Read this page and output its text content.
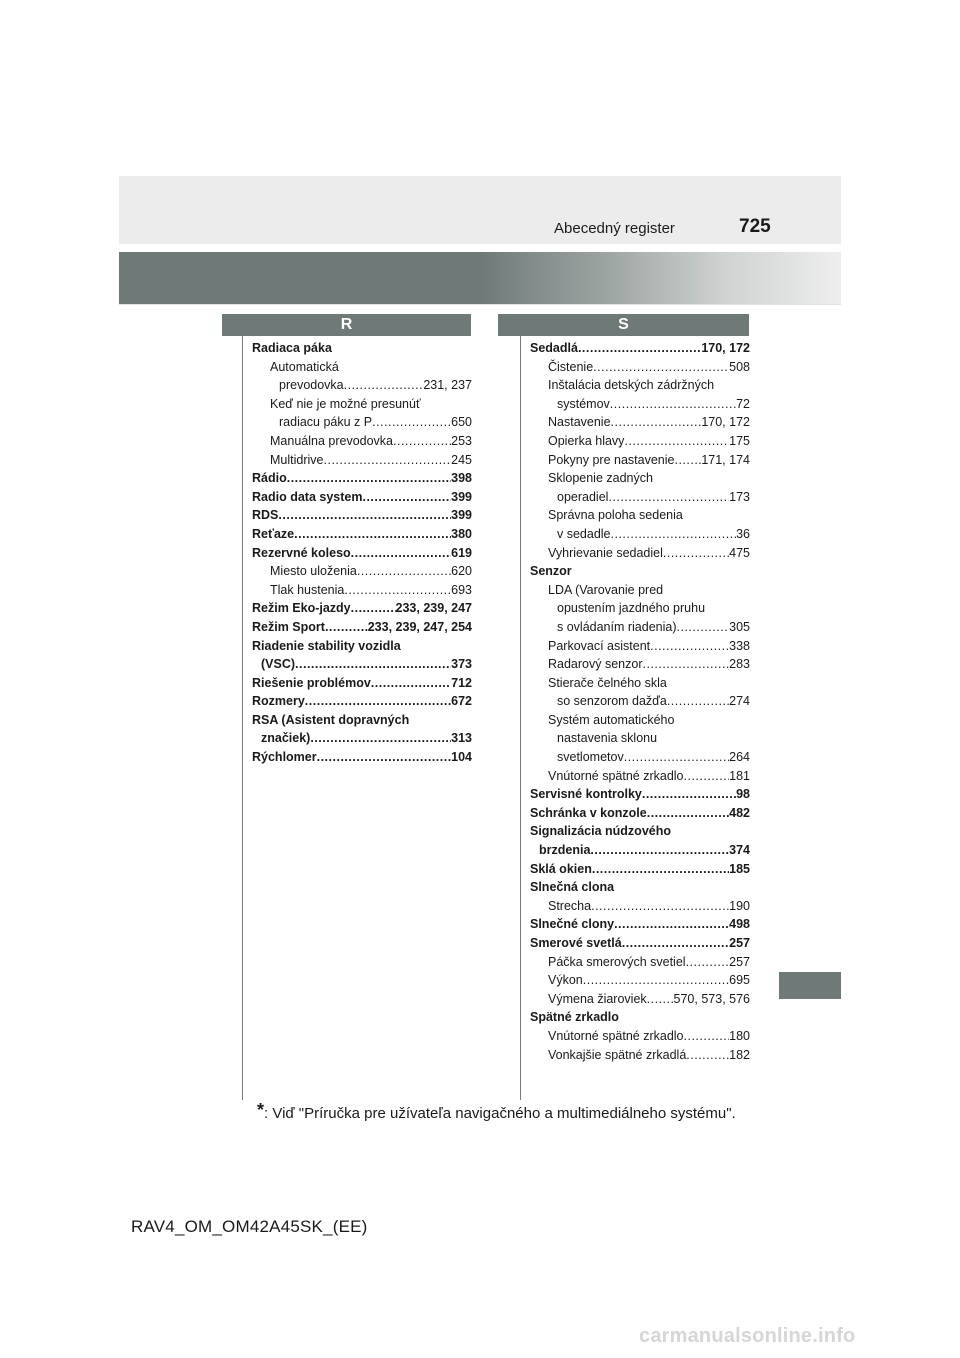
Abecedný register	725
R	S
Radiaca páka
Automatická
prevodovka .....	231, 237
Keď nie je možné presunúť
radiacu páku z P .....	650
Manuálna prevodovka .....	253
Multidrive .....	245
Rádio .....	398
Radio data system .....	399
RDS .....	399
Reťaze .....	380
Rezervné koleso .....	619
Miesto uloženia .....	620
Tlak hustenia .....	693
Režim Eko-jazdy .....	233, 239, 247
Režim Sport .....	233, 239, 247, 254
Riadenie stability vozidla
(VSC) .....	373
Riešenie problémov .....	712
Rozmery .....	672
RSA (Asistent dopravných
značiek) .....	313
Rýchlomer .....	104
Sedadlá .....	170, 172
Čistenie .....	508
Inštalácia detských zádržných
systémov .....	72
Nastavenie .....	170, 172
Opierka hlavy .....	175
Pokyny pre nastavenie ..... 171, 174
Sklopenie zadných
operadiel .....	173
Správna poloha sedenia
v sedadle .....	36
Vyhrievanie sedadiel .....	475
Senzor
LDA (Varovanie pred
opustením jazdného pruhu
s ovládaním riadenia) .....	305
Parkovací asistent .....	338
Radarový senzor .....	283
Stierače čelného skla
so senzorom dažďa .....	274
Systém automatického
nastavenia sklonu
svetlometov .....	264
Vnútorné spätné zrkadlo .....	181
Servisné kontrolky .....	98
Schránka v konzole .....	482
Signalizácia núdzového
brzdenia .....	374
Sklá okien .....	185
Slnečná clona
Strecha .....	190
Slnečné clony .....	498
Smerové svetlá .....	257
Páčka smerových svetiel .....	257
Výkon .....	695
Výmena žiaroviek ..... 570, 573, 576
Spätné zrkadlo
Vnútorné spätné zrkadlo .....	180
Vonkajšie spätné zrkadlá .....	182
*: Viď "Príručka pre užívateľa navigačného a multimediálneho systému".
RAV4_OM_OM42A45SK_(EE)
carmanualsonline.info
